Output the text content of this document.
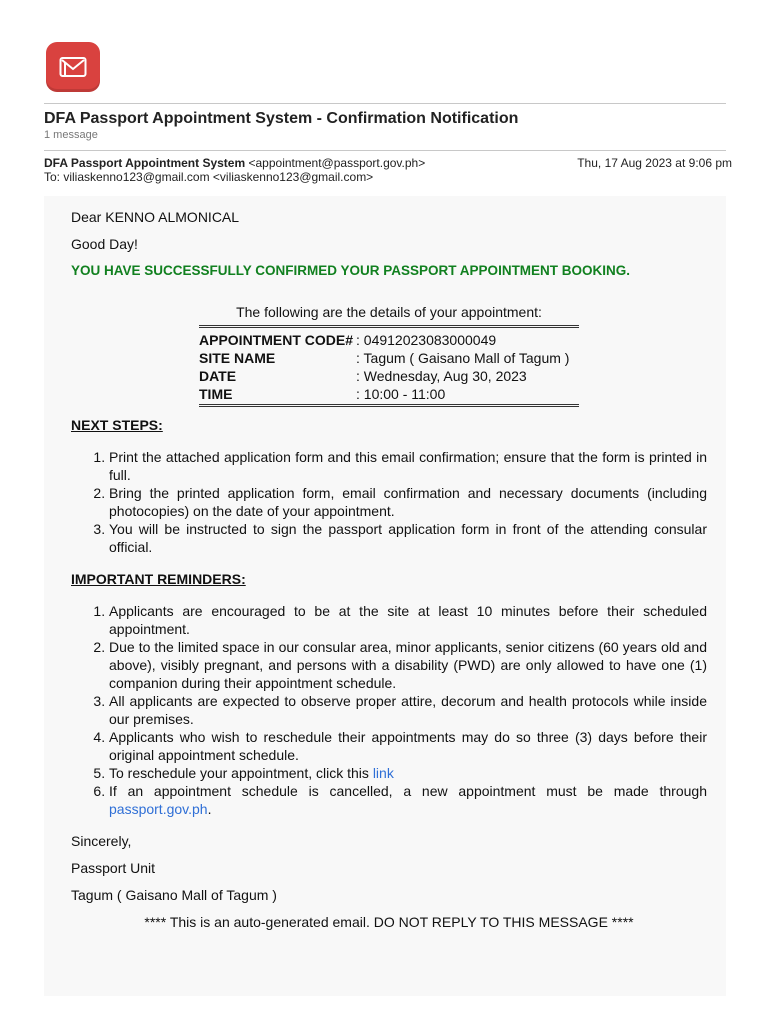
DFA Passport Appointment System - Confirmation Notification
1 message
DFA Passport Appointment System <appointment@passport.gov.ph>	Thu, 17 Aug 2023 at 9:06 pm
To: viliaskenno123@gmail.com <viliaskenno123@gmail.com>

Dear KENNO ALMONICAL

Good Day!

YOU HAVE SUCCESSFULLY CONFIRMED YOUR PASSPORT APPOINTMENT BOOKING.

The following are the details of your appointment:

APPOINTMENT CODE# : 04912023083000049
SITE NAME	: Tagum ( Gaisano Mall of Tagum )
DATE	: Wednesday, Aug 30, 2023
TIME	: 10:00 - 11:00

NEXT STEPS:

1. Print the attached application form and this email confirmation; ensure that the form is printed in full.
2. Bring the printed application form, email confirmation and necessary documents (including photocopies) on the date of your appointment.
3. You will be instructed to sign the passport application form in front of the attending consular official.

IMPORTANT REMINDERS:

1. Applicants are encouraged to be at the site at least 10 minutes before their scheduled appointment.
2. Due to the limited space in our consular area, minor applicants, senior citizens (60 years old and above), visibly pregnant, and persons with a disability (PWD) are only allowed to have one (1) companion during their appointment schedule.
3. All applicants are expected to observe proper attire, decorum and health protocols while inside our premises.
4. Applicants who wish to reschedule their appointments may do so three (3) days before their original appointment schedule.
5. To reschedule your appointment, click this link
6. If an appointment schedule is cancelled, a new appointment must be made through passport.gov.ph.

Sincerely,

Passport Unit

Tagum ( Gaisano Mall of Tagum )

**** This is an auto-generated email. DO NOT REPLY TO THIS MESSAGE ****
